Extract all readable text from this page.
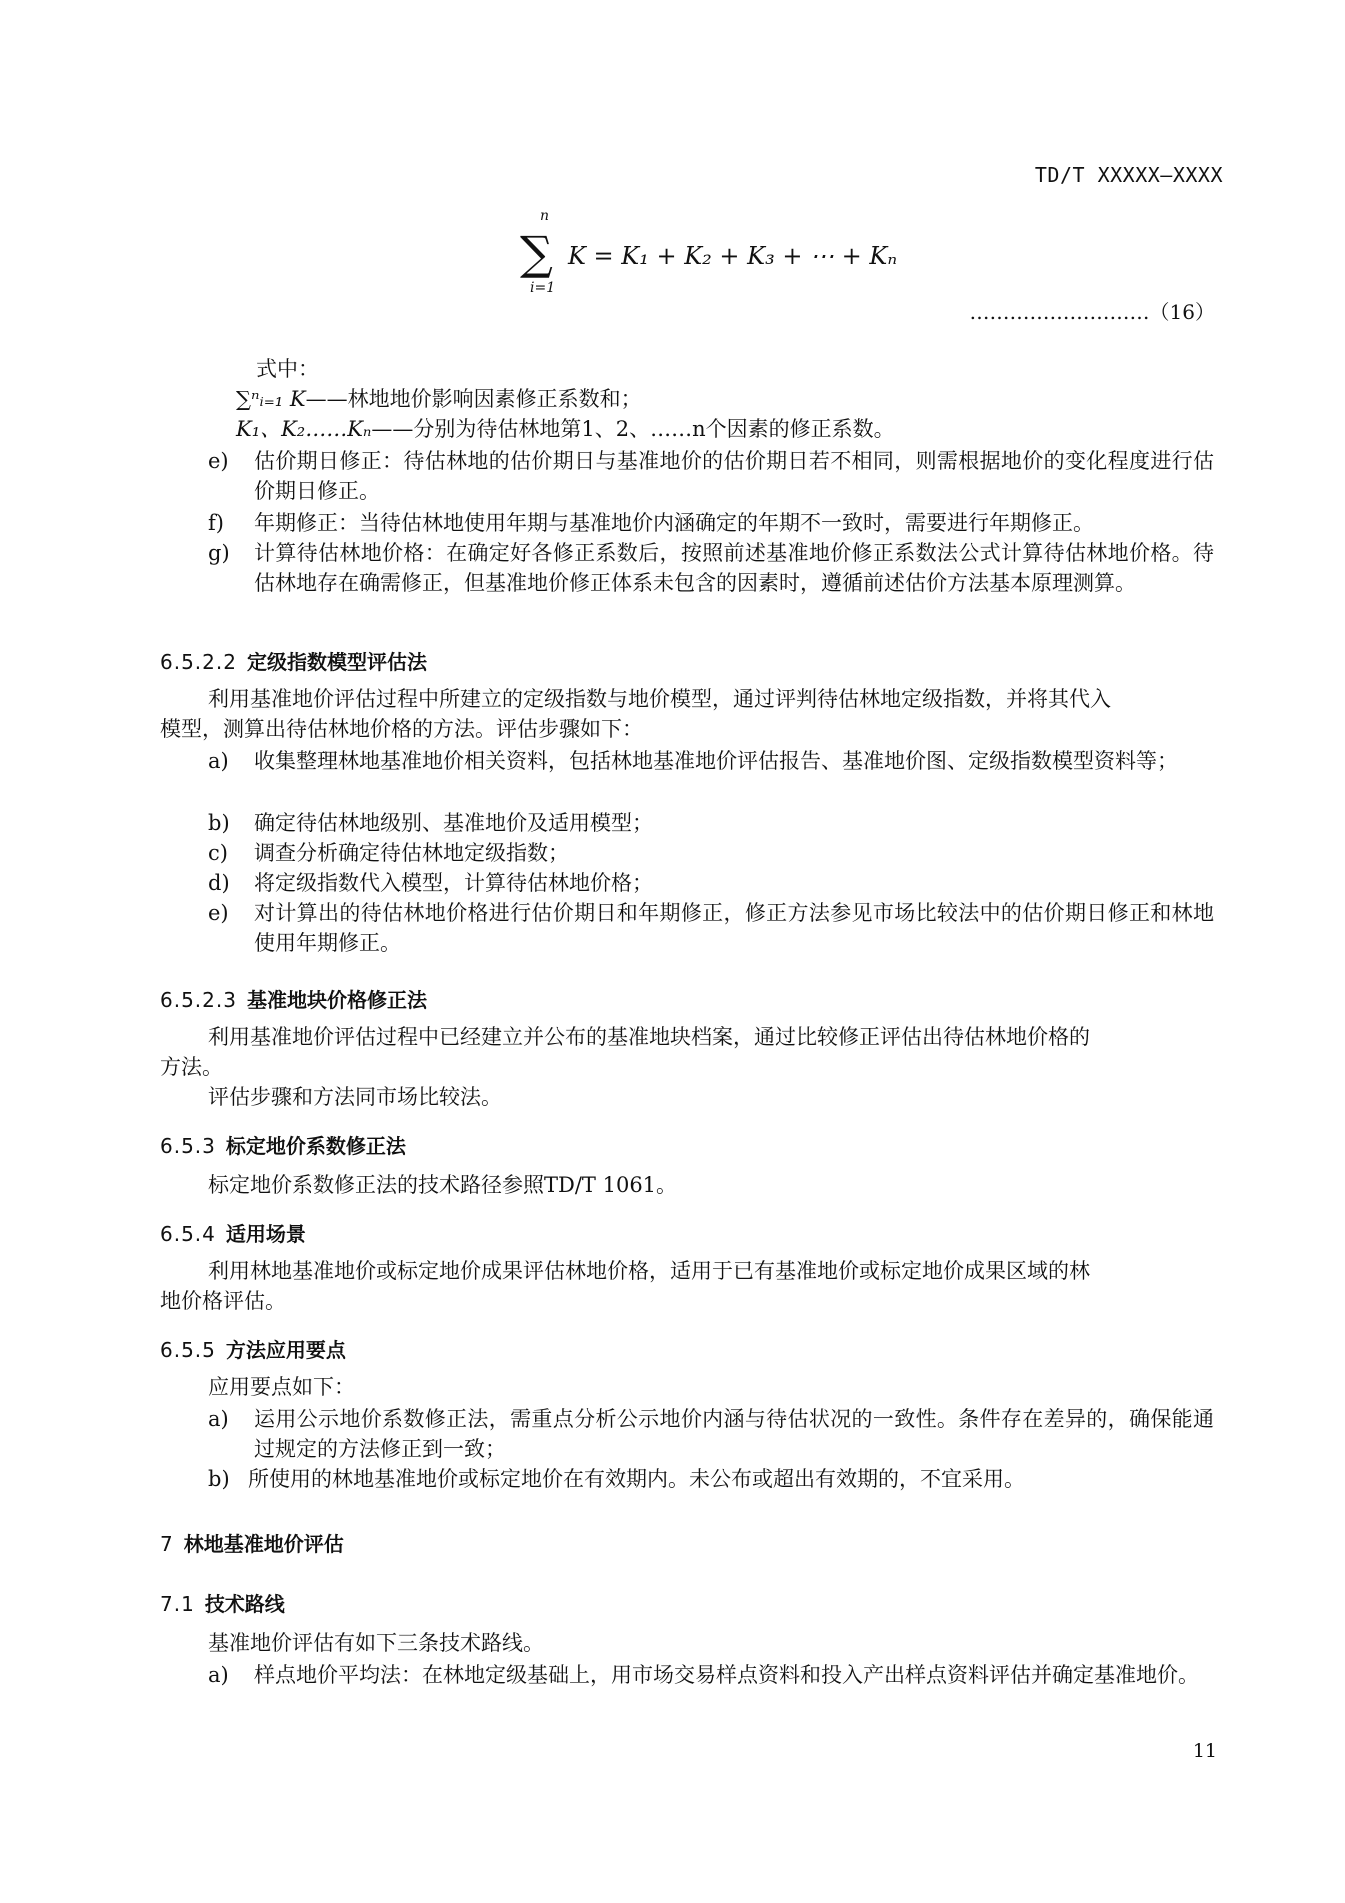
TD/T XXXXX—XXXX
n
∑
i=1
K = K₁ + K₂ + K₃ + ⋯ + Kₙ
………………………（16）
式中：
∑ⁿᵢ₌₁ K——林地地价影响因素修正系数和；
K₁、K₂……Kₙ——分别为待估林地第1、2、……n个因素的修正系数。
e) 估价期日修正：待估林地的估价期日与基准地价的估价期日若不相同，则需根据地价的变化程度进行估价期日修正。
f) 年期修正：当待估林地使用年期与基准地价内涵确定的年期不一致时，需要进行年期修正。
g) 计算待估林地价格：在确定好各修正系数后，按照前述基准地价修正系数法公式计算待估林地价格。待估林地存在确需修正，但基准地价修正体系未包含的因素时，遵循前述估价方法基本原理测算。
6.5.2.2 定级指数模型评估法
利用基准地价评估过程中所建立的定级指数与地价模型，通过评判待估林地定级指数，并将其代入
模型，测算出待估林地价格的方法。评估步骤如下：
a) 收集整理林地基准地价相关资料，包括林地基准地价评估报告、基准地价图、定级指数模型资料等；
b) 确定待估林地级别、基准地价及适用模型；
c) 调查分析确定待估林地定级指数；
d) 将定级指数代入模型，计算待估林地价格；
e) 对计算出的待估林地价格进行估价期日和年期修正，修正方法参见市场比较法中的估价期日修正和林地使用年期修正。
6.5.2.3 基准地块价格修正法
利用基准地价评估过程中已经建立并公布的基准地块档案，通过比较修正评估出待估林地价格的
方法。
评估步骤和方法同市场比较法。
6.5.3 标定地价系数修正法
标定地价系数修正法的技术路径参照TD/T 1061。
6.5.4 适用场景
利用林地基准地价或标定地价成果评估林地价格，适用于已有基准地价或标定地价成果区域的林
地价格评估。
6.5.5 方法应用要点
应用要点如下：
a) 运用公示地价系数修正法，需重点分析公示地价内涵与待估状况的一致性。条件存在差异的，确保能通过规定的方法修正到一致；
b) 所使用的林地基准地价或标定地价在有效期内。未公布或超出有效期的，不宜采用。
7 林地基准地价评估
7.1 技术路线
基准地价评估有如下三条技术路线。
a) 样点地价平均法：在林地定级基础上，用市场交易样点资料和投入产出样点资料评估并确定基准地价。
11
